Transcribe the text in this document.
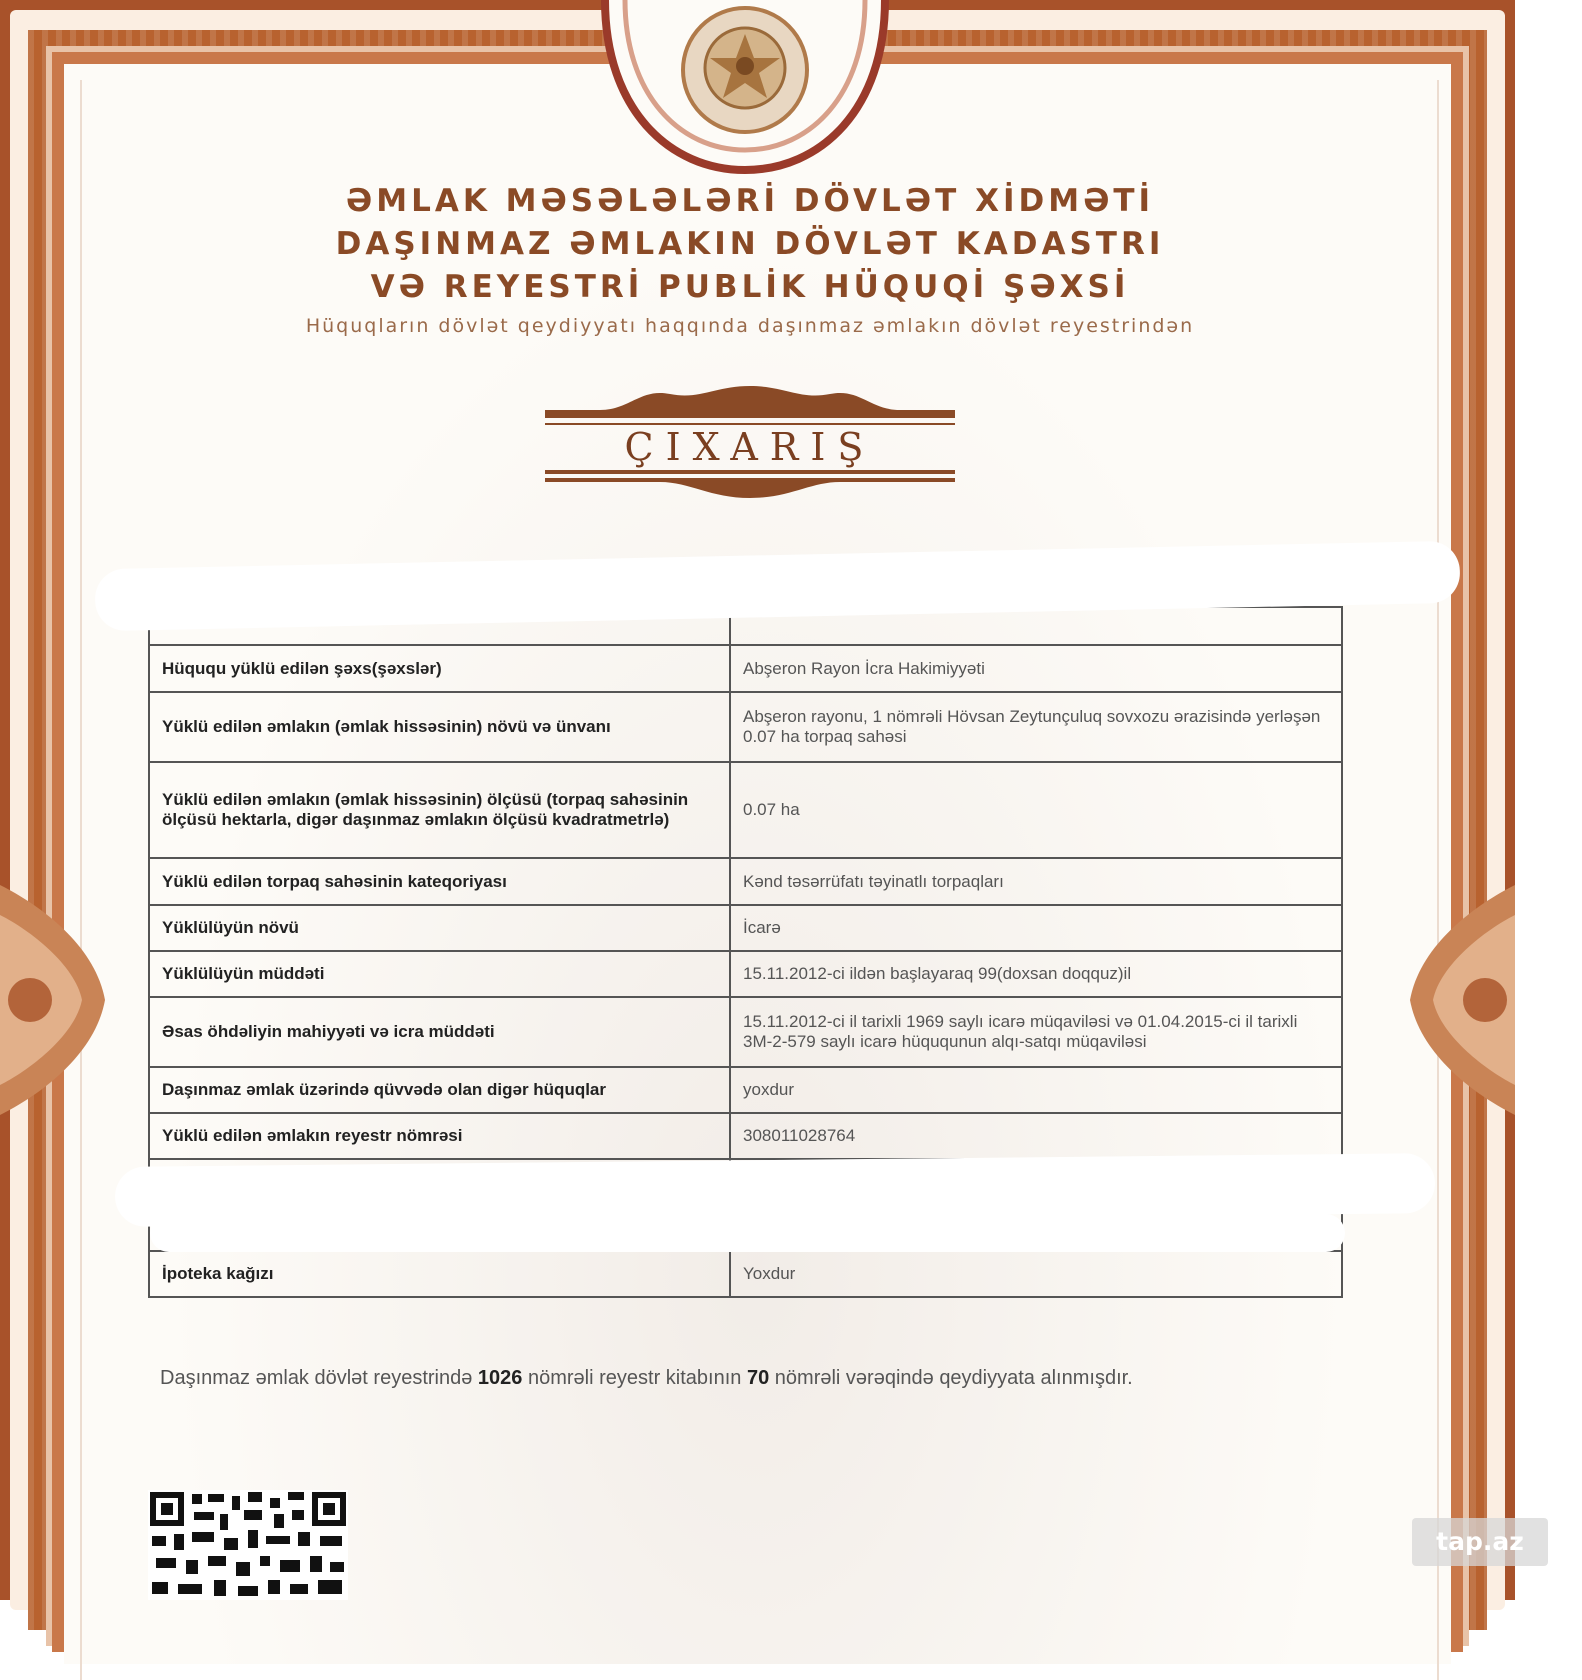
ƏMLAK MƏSƏLƏLƏRİ DÖVLƏT XİDMƏTİ
DAŞINMAZ ƏMLAKIN DÖVLƏT KADASTRI
VƏ REYESTRİ PUBLİK HÜQUQİ ŞƏXSİ
Hüquqların dövlət qeydiyyatı haqqında daşınmaz əmlakın dövlət reyestrindən
ÇIXARIŞ

Hüququ yüklü edilən şəxs(şəxslər)	Abşeron Rayon İcra Hakimiyyəti
Yüklü edilən əmlakın (əmlak hissəsinin) növü və ünvanı	Abşeron rayonu, 1 nömrəli Hövsan Zeytunçuluq sovxozu ərazisində yerləşən 0.07 ha torpaq sahəsi
Yüklü edilən əmlakın (əmlak hissəsinin) ölçüsü (torpaq sahəsinin ölçüsü hektarla, digər daşınmaz əmlakın ölçüsü kvadratmetrlə)	0.07 ha
Yüklü edilən torpaq sahəsinin kateqoriyası	Kənd təsərrüfatı təyinatlı torpaqları
Yüklülüyün növü	İcarə
Yüklülüyün müddəti	15.11.2012-ci ildən başlayaraq 99(doxsan doqquz)il
Əsas öhdəliyin mahiyyəti və icra müddəti	15.11.2012-ci il tarixli 1969 saylı icarə müqaviləsi və 01.04.2015-ci il tarixli 3M-2-579 saylı icarə hüququnun alqı-satqı müqaviləsi
Daşınmaz əmlak üzərində qüvvədə olan digər hüquqlar	yoxdur
Yüklü edilən əmlakın reyestr nömrəsi	308011028764

İpoteka kağızı	Yoxdur
Daşınmaz əmlak dövlət reyestrində 1026 nömrəli reyestr kitabının 70 nömrəli vərəqində qeydiyyata alınmışdır.
tap.az
